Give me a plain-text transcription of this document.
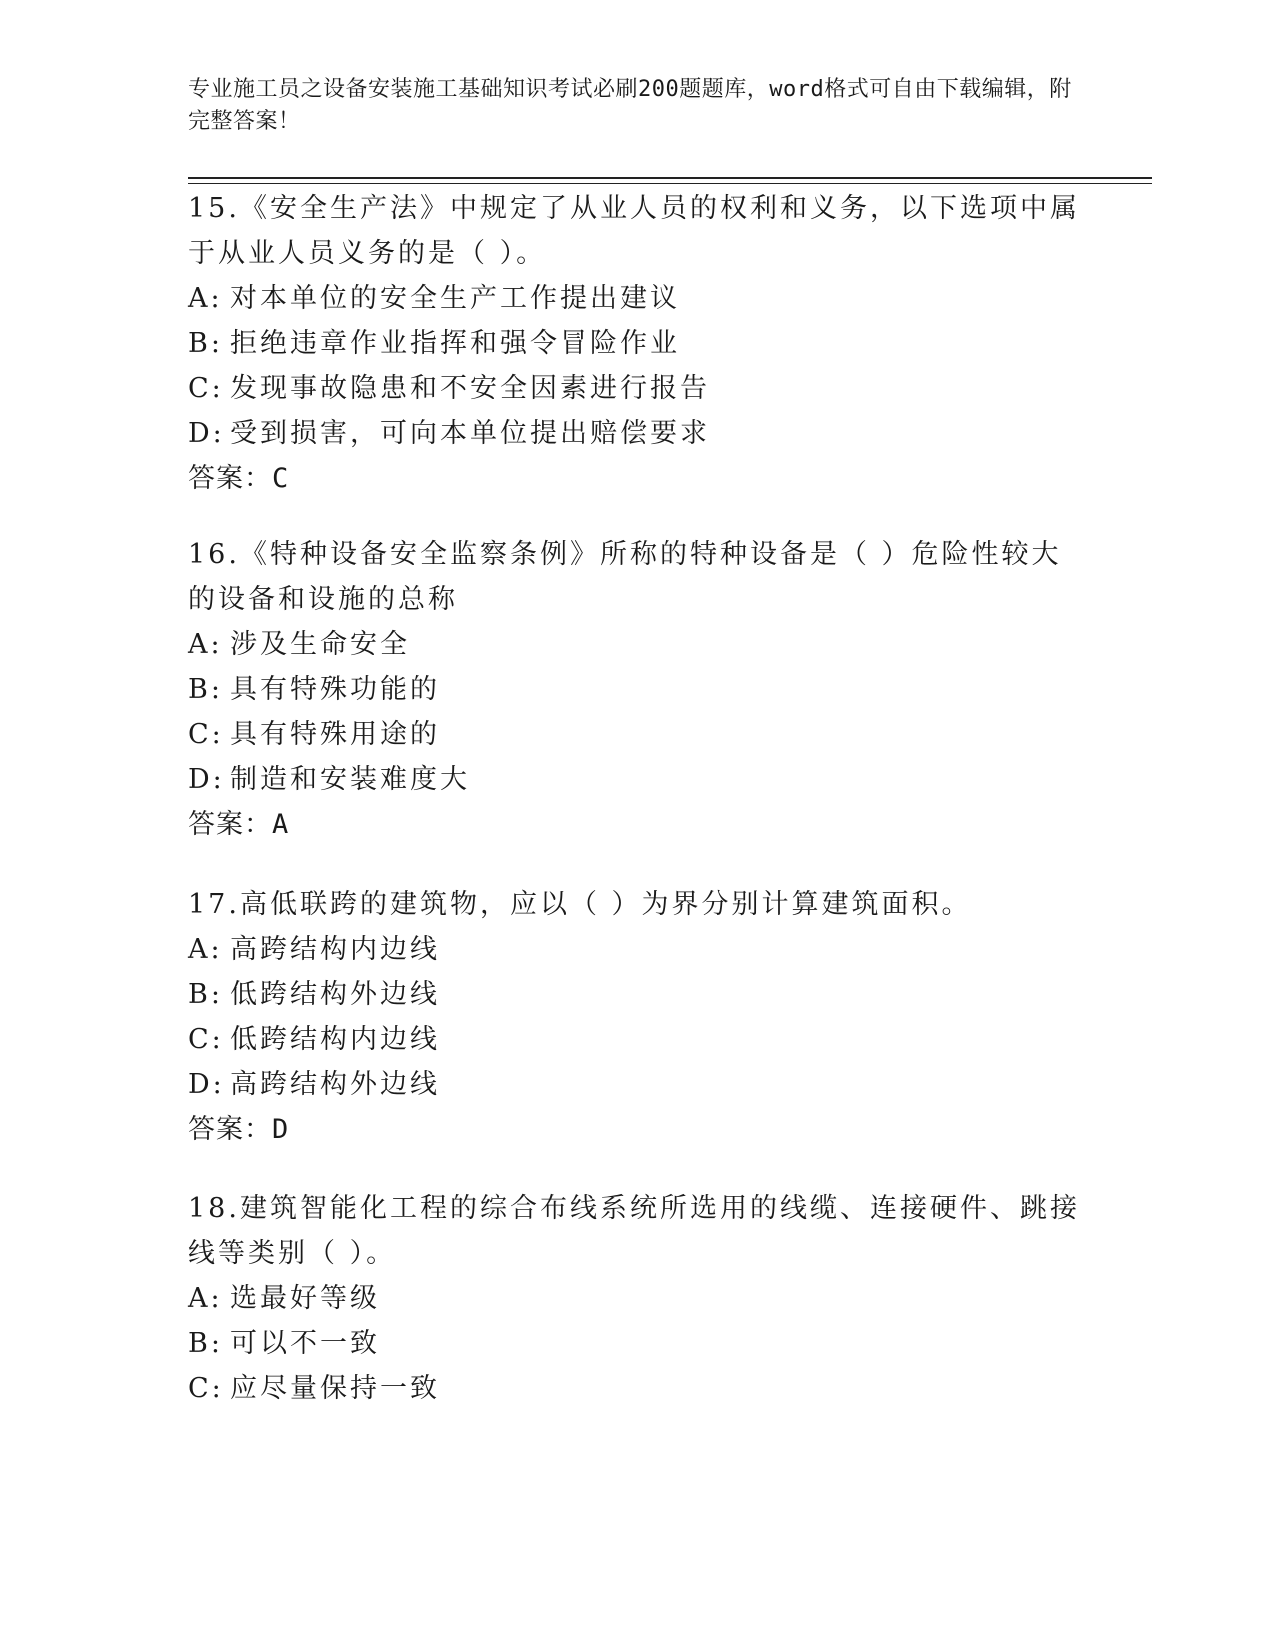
专业施工员之设备安装施工基础知识考试必刷200题题库，word格式可自由下载编辑，附完整答案！

15.《安全生产法》中规定了从业人员的权利和义务，以下选项中属于从业人员义务的是（ ）。

A: 对本单位的安全生产工作提出建议

B: 拒绝违章作业指挥和强令冒险作业

C: 发现事故隐患和不安全因素进行报告

D: 受到损害，可向本单位提出赔偿要求

答案：C

16.《特种设备安全监察条例》所称的特种设备是（ ）危险性较大的设备和设施的总称

A: 涉及生命安全

B: 具有特殊功能的

C: 具有特殊用途的

D: 制造和安装难度大

答案：A

17.高低联跨的建筑物，应以（ ）为界分别计算建筑面积。

A: 高跨结构内边线

B: 低跨结构外边线

C: 低跨结构内边线

D: 高跨结构外边线

答案：D

18.建筑智能化工程的综合布线系统所选用的线缆、连接硬件、跳接线等类别（ ）。

A: 选最好等级

B: 可以不一致

C: 应尽量保持一致
